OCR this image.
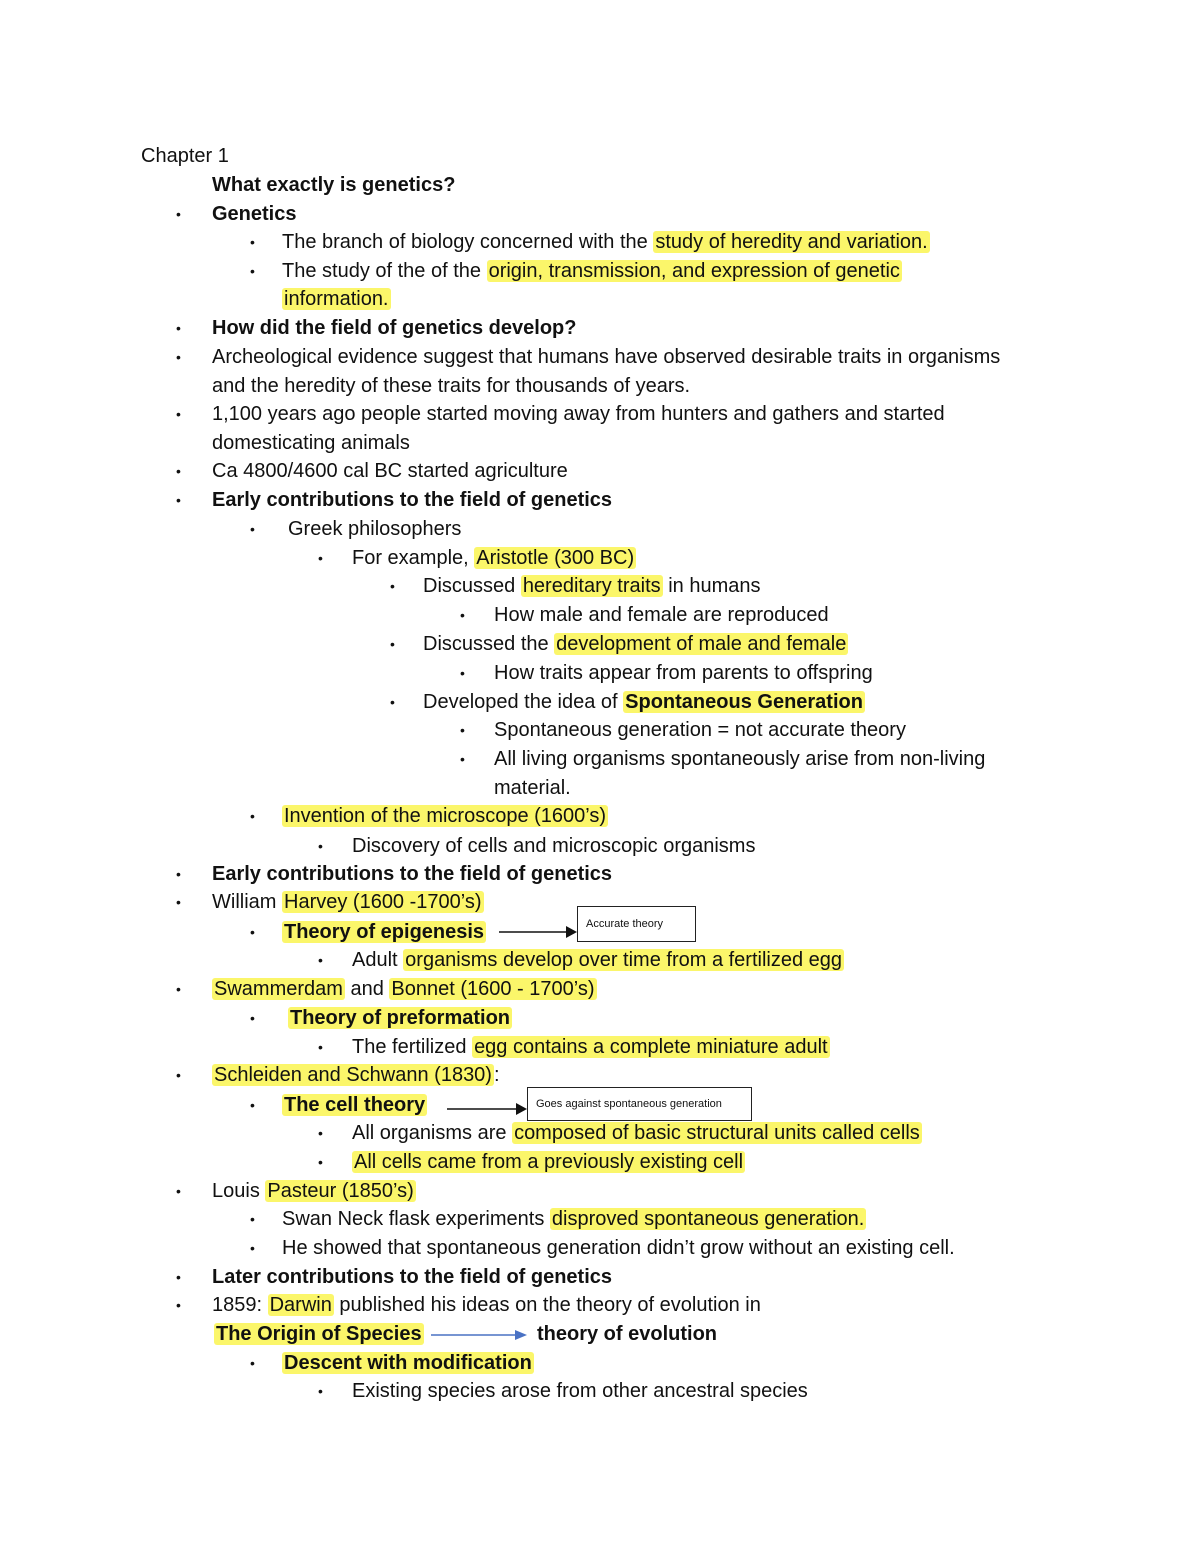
Chapter 1
What exactly is genetics?
• Genetics
• The branch of biology concerned with the study of heredity and variation.
• The study of the of the origin, transmission, and expression of genetic
information.
• How did the field of genetics develop?
• Archeological evidence suggest that humans have observed desirable traits in organisms
and the heredity of these traits for thousands of years.
• 1,100 years ago people started moving away from hunters and gathers and started
domesticating animals
• Ca 4800/4600 cal BC started agriculture
• Early contributions to the field of genetics
• Greek philosophers
• For example, Aristotle (300 BC)
• Discussed hereditary traits in humans
• How male and female are reproduced
• Discussed the development of male and female
• How traits appear from parents to offspring
• Developed the idea of Spontaneous Generation
• Spontaneous generation = not accurate theory
• All living organisms spontaneously arise from non-living
material.
• Invention of the microscope (1600’s)
• Discovery of cells and microscopic organisms
• Early contributions to the field of genetics
• William Harvey (1600 -1700’s)
• Theory of epigenesis	Accurate theory
• Adult organisms develop over time from a fertilized egg
• Swammerdam and Bonnet (1600 - 1700’s)
• Theory of preformation
• The fertilized egg contains a complete miniature adult
• Schleiden and Schwann (1830) :
• The cell theory	Goes against spontaneous generation
• All organisms are composed of basic structural units called cells
• All cells came from a previously existing cell
• Louis Pasteur (1850’s)
• Swan Neck flask experiments disproved spontaneous generation.
• He showed that spontaneous generation didn’t grow without an existing cell.
• Later contributions to the field of genetics
• 1859: Darwin published his ideas on the theory of evolution in
The Origin of Species	theory of evolution
• Descent with modification
• Existing species arose from other ancestral species
